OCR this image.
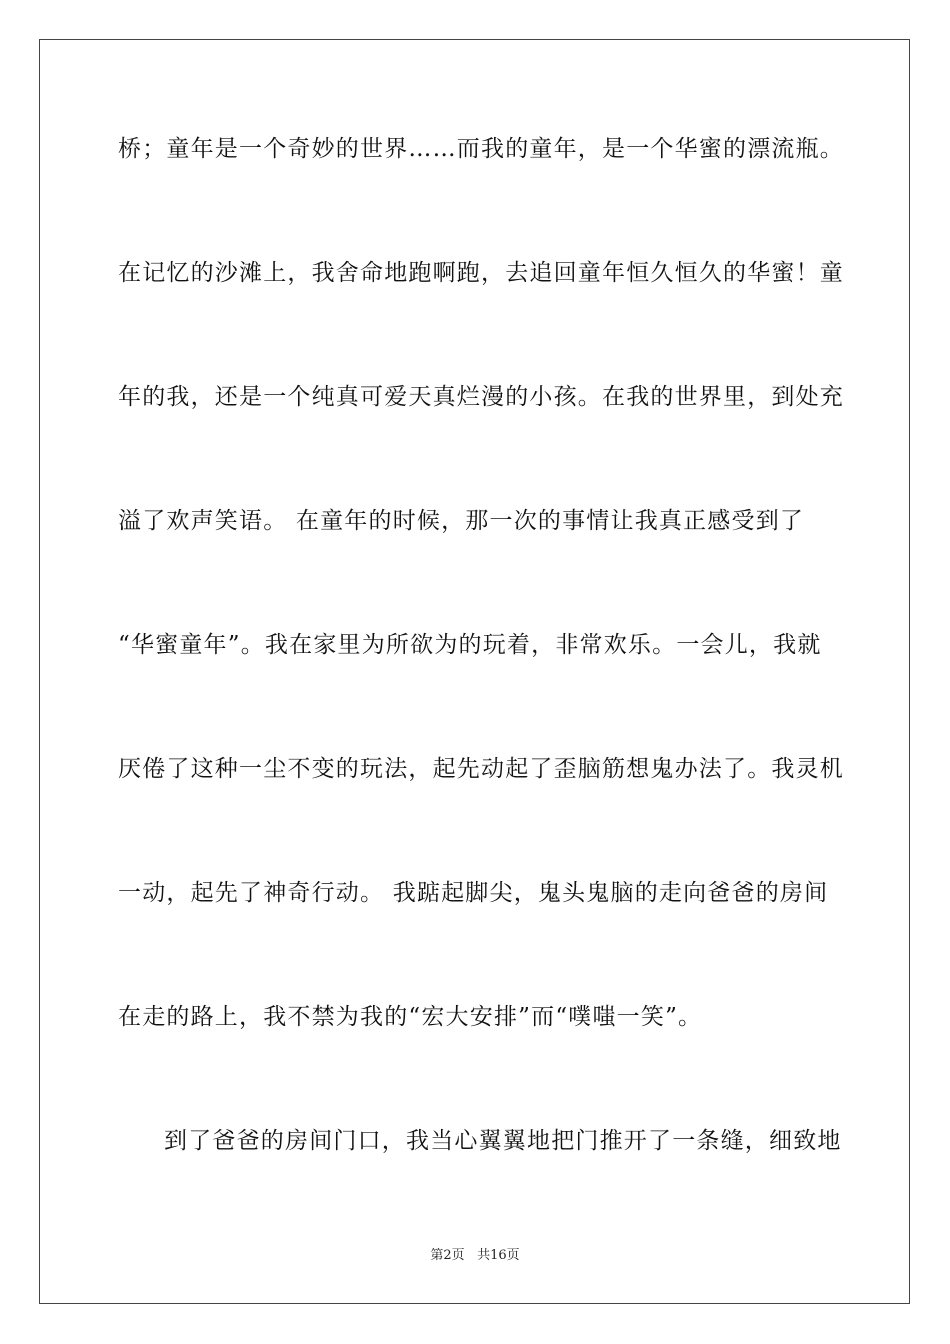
桥；童年是一个奇妙的世界……而我的童年，是一个华蜜的漂流瓶。
在记忆的沙滩上，我舍命地跑啊跑，去追回童年恒久恒久的华蜜！童
年的我，还是一个纯真可爱天真烂漫的小孩。在我的世界里，到处充
溢了欢声笑语。 在童年的时候，那一次的事情让我真正感受到了
“华蜜童年”。我在家里为所欲为的玩着，非常欢乐。一会儿，我就
厌倦了这种一尘不变的玩法，起先动起了歪脑筋想鬼办法了。我灵机
一动，起先了神奇行动。 我踮起脚尖，鬼头鬼脑的走向爸爸的房间
在走的路上，我不禁为我的“宏大安排”而“噗嗤一笑”。
到了爸爸的房间门口，我当心翼翼地把门推开了一条缝，细致地
第2页 共16页
